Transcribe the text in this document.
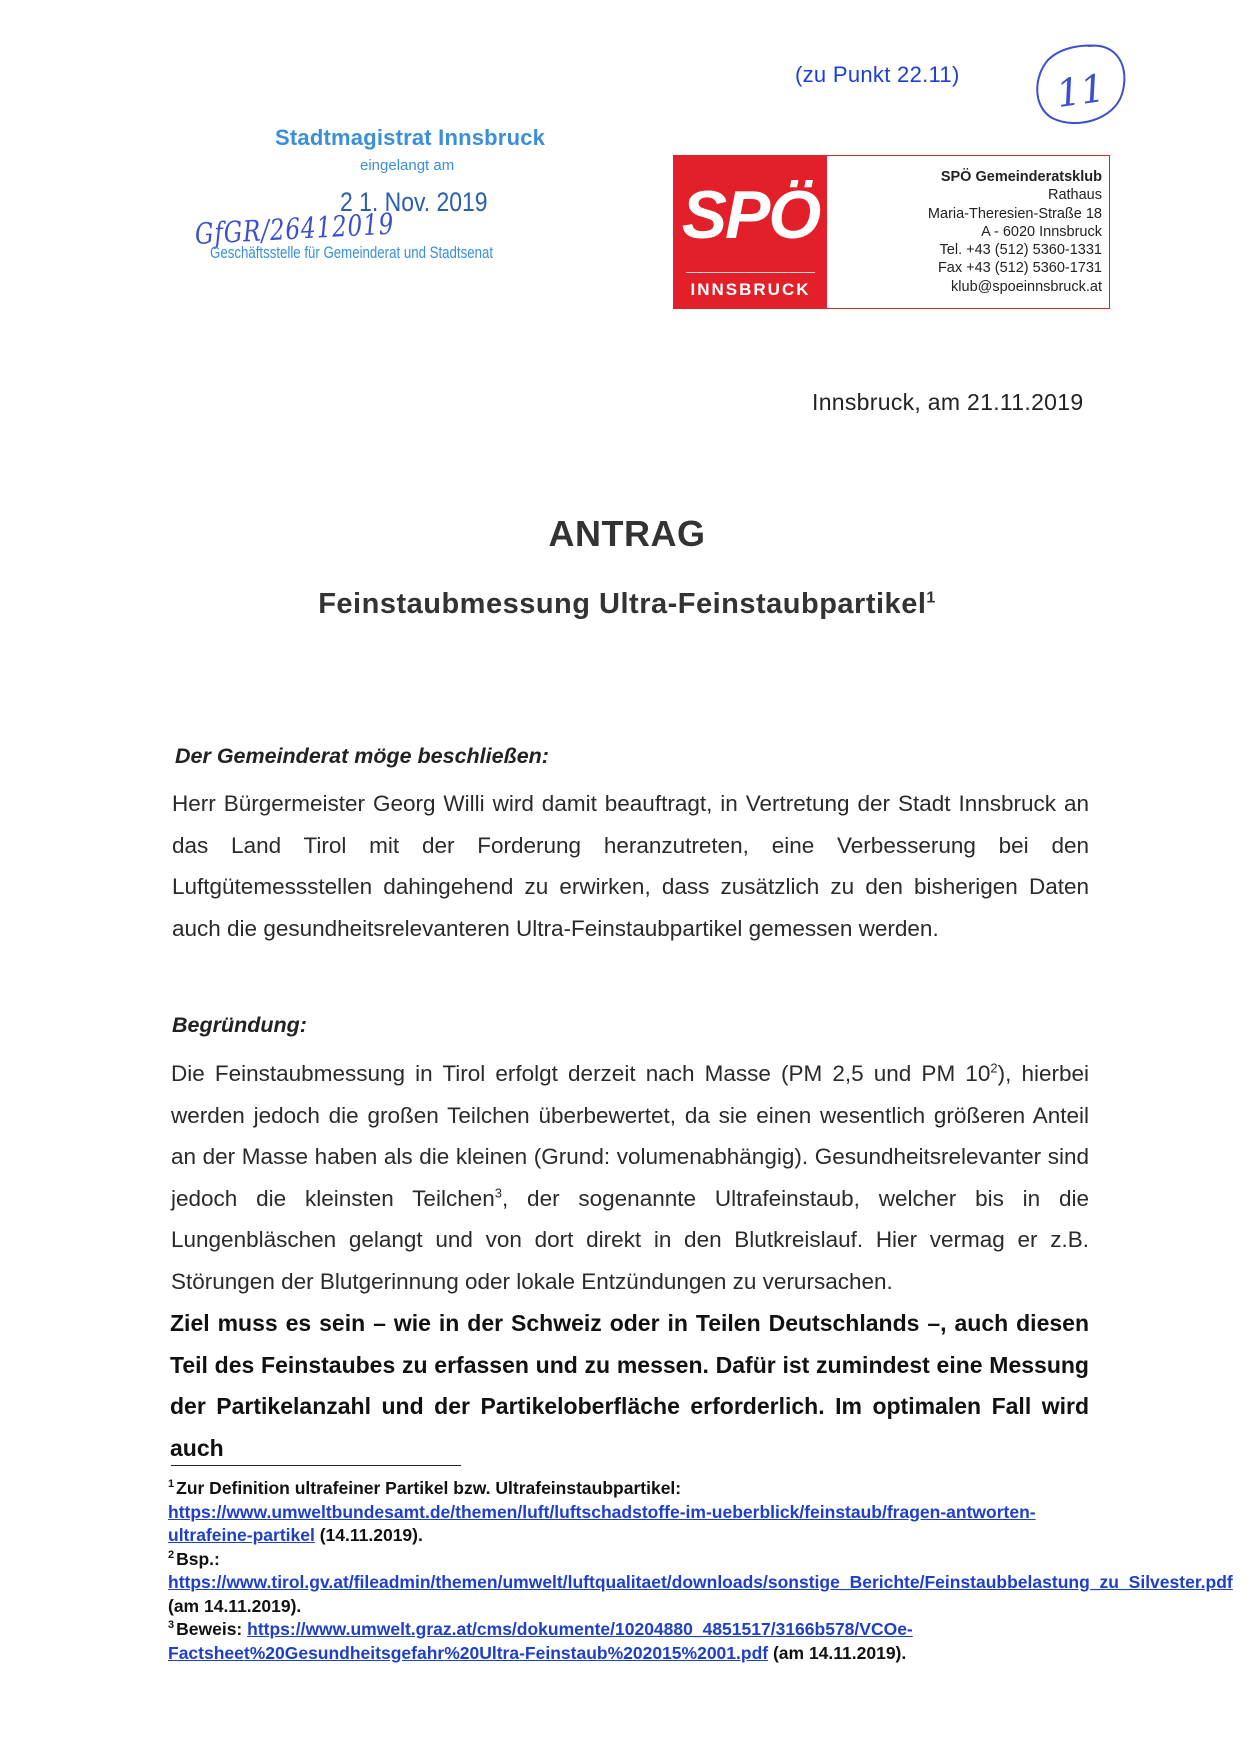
(zu Punkt 22.11) 11
Stadtmagistrat Innsbruck
eingelangt am
2 1. Nov. 2019
GfGR/26412019
Geschäftsstelle für Gemeinderat und Stadtsenat	SPÖ
INNSBRUCK
SPÖ Gemeinderatsklub
Rathaus
Maria-Theresien-Straße 18
A - 6020 Innsbruck
Tel. +43 (512) 5360-1331
Fax +43 (512) 5360-1731
klub@spoeinnsbruck.at
Innsbruck, am 21.11.2019
ANTRAG
Feinstaubmessung Ultra-Feinstaubpartikel$^1$
Der Gemeinderat möge beschließen:
Herr Bürgermeister Georg Willi wird damit beauftragt, in Vertretung der Stadt Innsbruck an das Land Tirol mit der Forderung heranzutreten, eine Verbesserung bei den Luftgütemessstellen dahingehend zu erwirken, dass zusätzlich zu den bisherigen Daten auch die gesundheitsrelevanteren Ultra-Feinstaubpartikel gemessen werden.
Begründung:
Die Feinstaubmessung in Tirol erfolgt derzeit nach Masse (PM 2,5 und PM $10^2$), hierbei werden jedoch die großen Teilchen überbewertet, da sie einen wesentlich größeren Anteil an der Masse haben als die kleinen (Grund: volumenabhängig). Gesundheitsrelevanter sind jedoch die kleinsten Teilchen$^3$, der sogenannte Ultrafeinstaub, welcher bis in die Lungenbläschen gelangt und von dort direkt in den Blutkreislauf. Hier vermag er z.B. Störungen der Blutgerinnung oder lokale Entzündungen zu verursachen.
Ziel muss es sein – wie in der Schweiz oder in Teilen Deutschlands –, auch diesen Teil des Feinstaubes zu erfassen und zu messen. Dafür ist zumindest eine Messung der Partikelanzahl und der Partikeloberfläche erforderlich. Im optimalen Fall wird auch

$^1$ Zur Definition ultrafeiner Partikel bzw. Ultrafeinstaubpartikel: https://www.umweltbundesamt.de/themen/luft/luftschadstoffe-im-ueberblick/feinstaub/fragen-antworten-ultrafeine-partikel (14.11.2019).

$^2$ Bsp.: https://www.tirol.gv.at/fileadmin/themen/umwelt/luftqualitaet/downloads/sonstige_Berichte/Feinstaubbelastung_zu_Silvester.pdf (am 14.11.2019).

$^3$ Beweis: https://www.umwelt.graz.at/cms/dokumente/10204880_4851517/3166b578/VCOe-Factsheet%20Gesundheitsgefahr%20Ultra-Feinstaub%202015%2001.pdf (am 14.11.2019).
